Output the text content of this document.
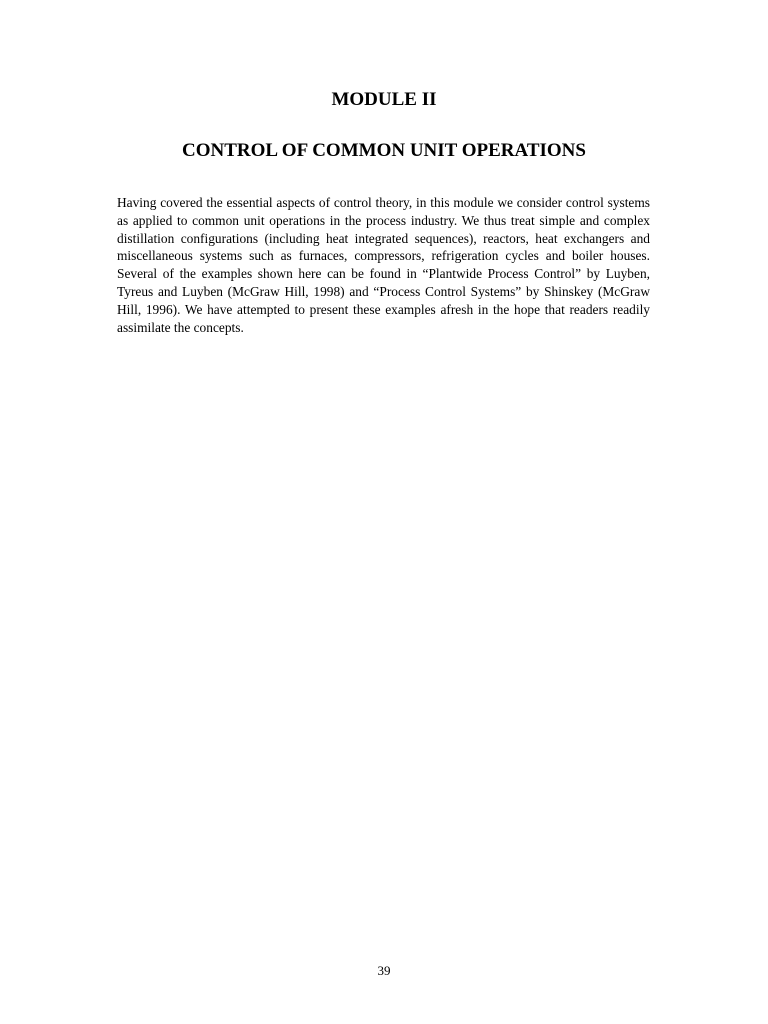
MODULE II
CONTROL OF COMMON UNIT OPERATIONS

Having covered the essential aspects of control theory, in this module we consider control systems as applied to common unit operations in the process industry. We thus treat simple and complex distillation configurations (including heat integrated sequences), reactors, heat exchangers and miscellaneous systems such as furnaces, compressors, refrigeration cycles and boiler houses. Several of the examples shown here can be found in “Plantwide Process Control” by Luyben, Tyreus and Luyben (McGraw Hill, 1998) and “Process Control Systems” by Shinskey (McGraw Hill, 1996). We have attempted to present these examples afresh in the hope that readers readily assimilate the concepts.

39
